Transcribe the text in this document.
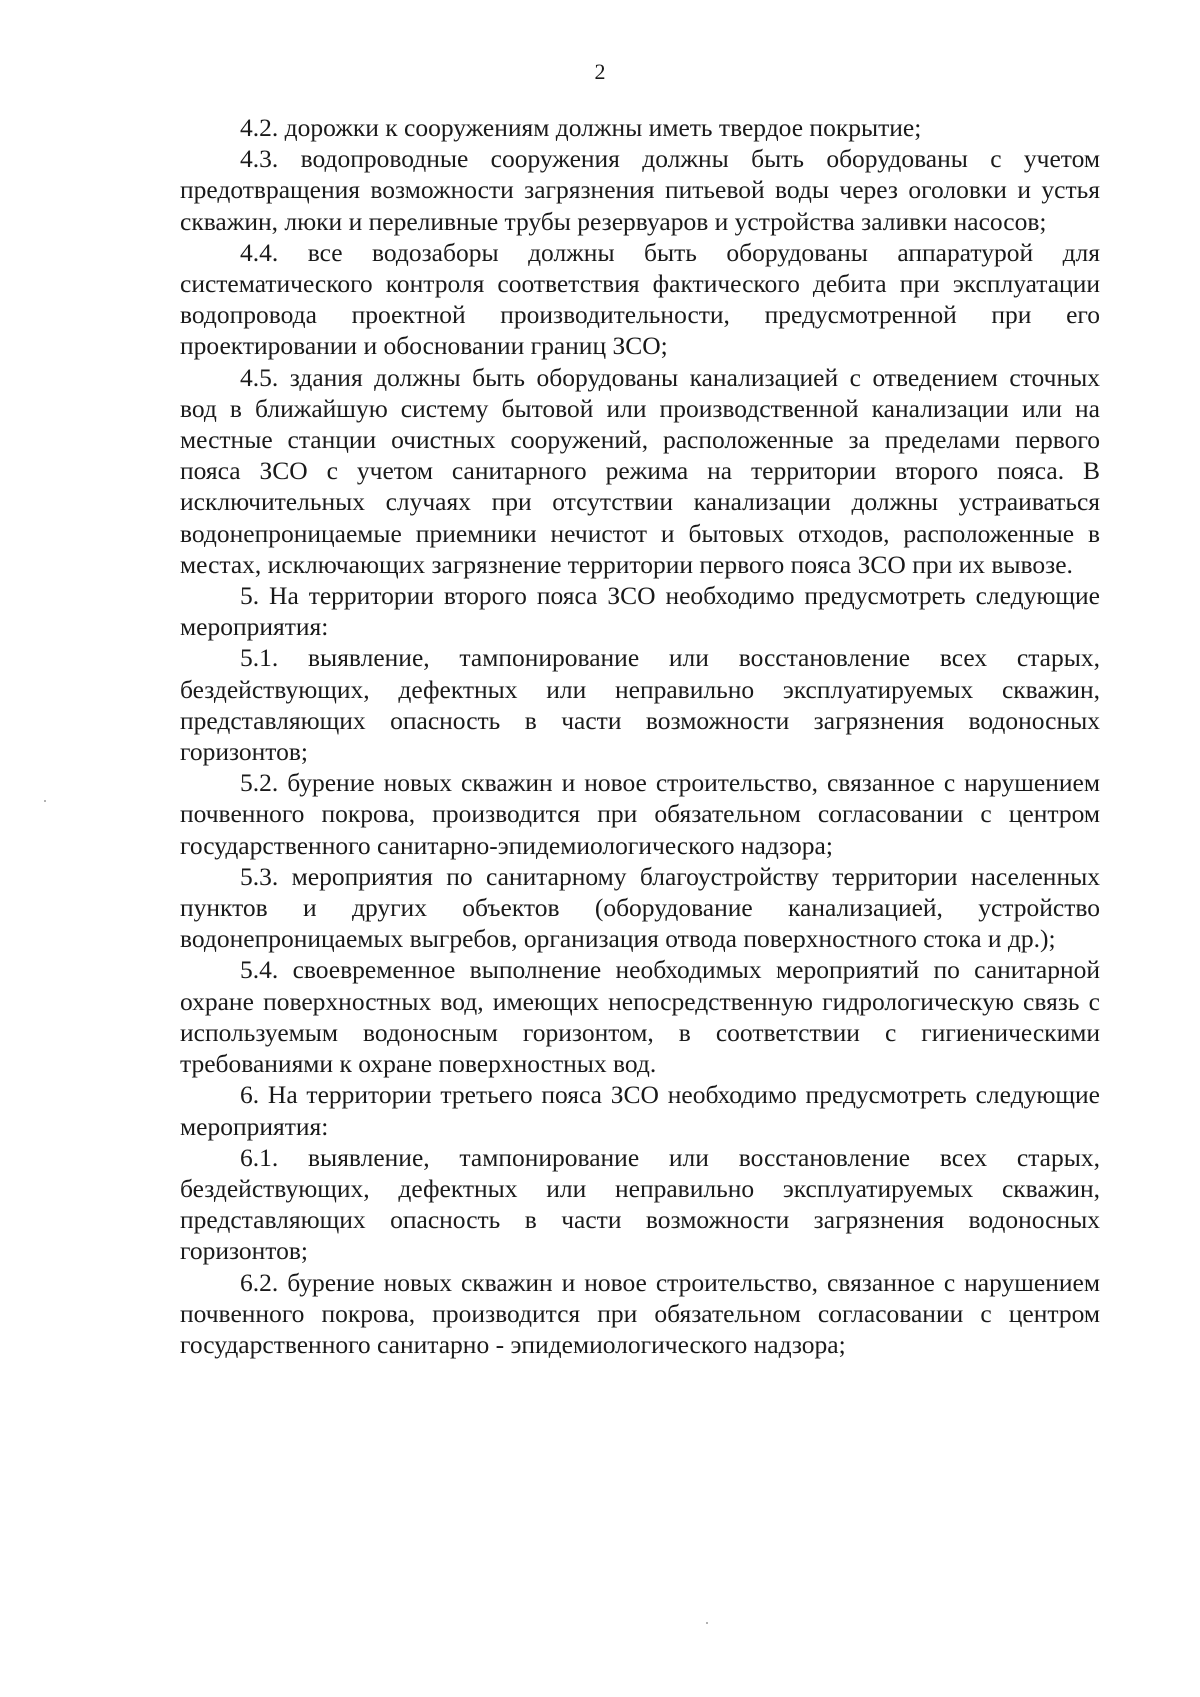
2

4.2. дорожки к сооружениям должны иметь твердое покрытие;

4.3. водопроводные сооружения должны быть оборудованы с учетом предотвращения возможности загрязнения питьевой воды через оголовки и устья скважин, люки и переливные трубы резервуаров и устройства заливки насосов;

4.4. все водозаборы должны быть оборудованы аппаратурой для систематического контроля соответствия фактического дебита при эксплуатации водопровода проектной производительности, предусмотренной при его проектировании и обосновании границ ЗСО;

4.5. здания должны быть оборудованы канализацией с отведением сточных вод в ближайшую систему бытовой или производственной канализации или на местные станции очистных сооружений, расположенные за пределами первого пояса ЗСО с учетом санитарного режима на территории второго пояса. В исключительных случаях при отсутствии канализации должны устраиваться водонепроницаемые приемники нечистот и бытовых отходов, расположенные в местах, исключающих загрязнение территории первого пояса ЗСО при их вывозе.

5. На территории второго пояса ЗСО необходимо предусмотреть следующие мероприятия:

5.1. выявление, тампонирование или восстановление всех старых, бездействующих, дефектных или неправильно эксплуатируемых скважин, представляющих опасность в части возможности загрязнения водоносных горизонтов;

5.2. бурение новых скважин и новое строительство, связанное с нарушением почвенного покрова, производится при обязательном согласовании с центром государственного санитарно-эпидемиологического надзора;

5.3. мероприятия по санитарному благоустройству территории населенных пунктов и других объектов (оборудование канализацией, устройство водонепроницаемых выгребов, организация отвода поверхностного стока и др.);

5.4. своевременное выполнение необходимых мероприятий по санитарной охране поверхностных вод, имеющих непосредственную гидрологическую связь с используемым водоносным горизонтом, в соответствии с гигиеническими требованиями к охране поверхностных вод.

6. На территории третьего пояса ЗСО необходимо предусмотреть следующие мероприятия:

6.1. выявление, тампонирование или восстановление всех старых, бездействующих, дефектных или неправильно эксплуатируемых скважин, представляющих опасность в части возможности загрязнения водоносных горизонтов;

6.2. бурение новых скважин и новое строительство, связанное с нарушением почвенного покрова, производится при обязательном согласовании с центром государственного санитарно - эпидемиологического надзора;
